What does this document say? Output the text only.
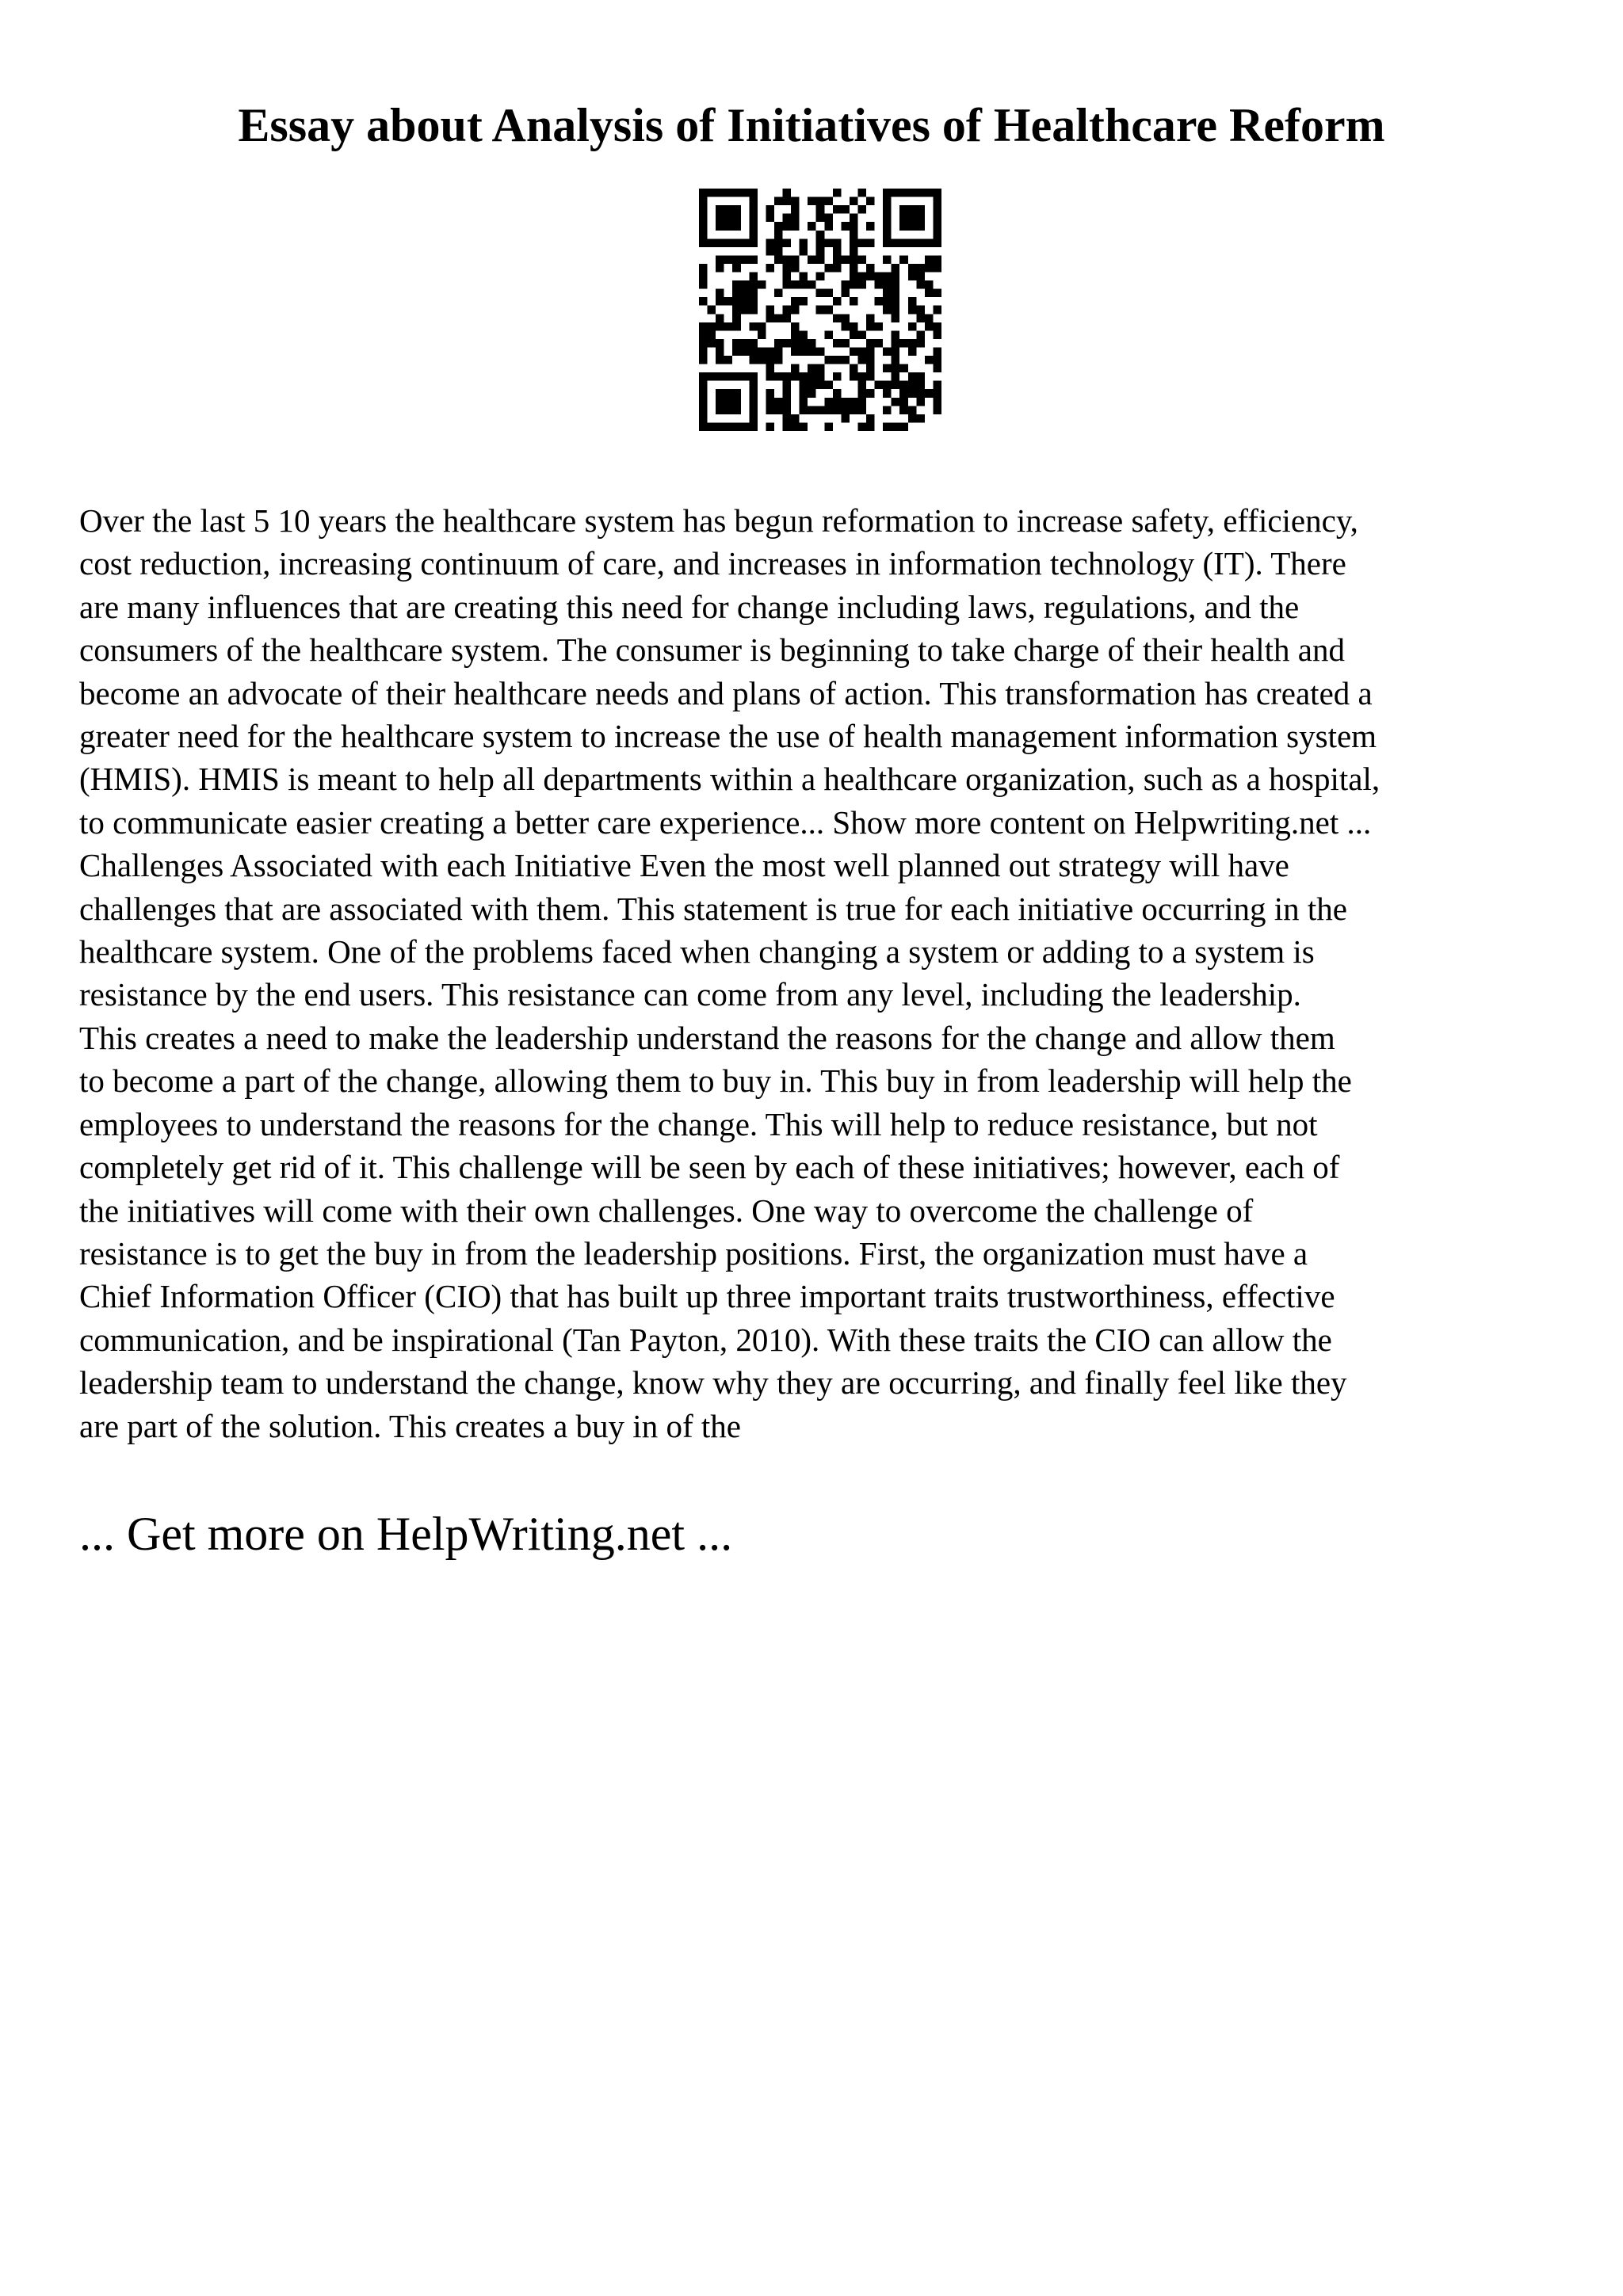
Essay about Analysis of Initiatives of Healthcare Reform
Over the last 5 10 years the healthcare system has begun reformation to increase safety, efficiency,
cost reduction, increasing continuum of care, and increases in information technology (IT). There
are many influences that are creating this need for change including laws, regulations, and the
consumers of the healthcare system. The consumer is beginning to take charge of their health and
become an advocate of their healthcare needs and plans of action. This transformation has created a
greater need for the healthcare system to increase the use of health management information system
(HMIS). HMIS is meant to help all departments within a healthcare organization, such as a hospital,
to communicate easier creating a better care experience... Show more content on Helpwriting.net ...
Challenges Associated with each Initiative Even the most well planned out strategy will have
challenges that are associated with them. This statement is true for each initiative occurring in the
healthcare system. One of the problems faced when changing a system or adding to a system is
resistance by the end users. This resistance can come from any level, including the leadership.
This creates a need to make the leadership understand the reasons for the change and allow them
to become a part of the change, allowing them to buy in. This buy in from leadership will help the
employees to understand the reasons for the change. This will help to reduce resistance, but not
completely get rid of it. This challenge will be seen by each of these initiatives; however, each of
the initiatives will come with their own challenges. One way to overcome the challenge of
resistance is to get the buy in from the leadership positions. First, the organization must have a
Chief Information Officer (CIO) that has built up three important traits trustworthiness, effective
communication, and be inspirational (Tan Payton, 2010). With these traits the CIO can allow the
leadership team to understand the change, know why they are occurring, and finally feel like they
are part of the solution. This creates a buy in of the
... Get more on HelpWriting.net ...
